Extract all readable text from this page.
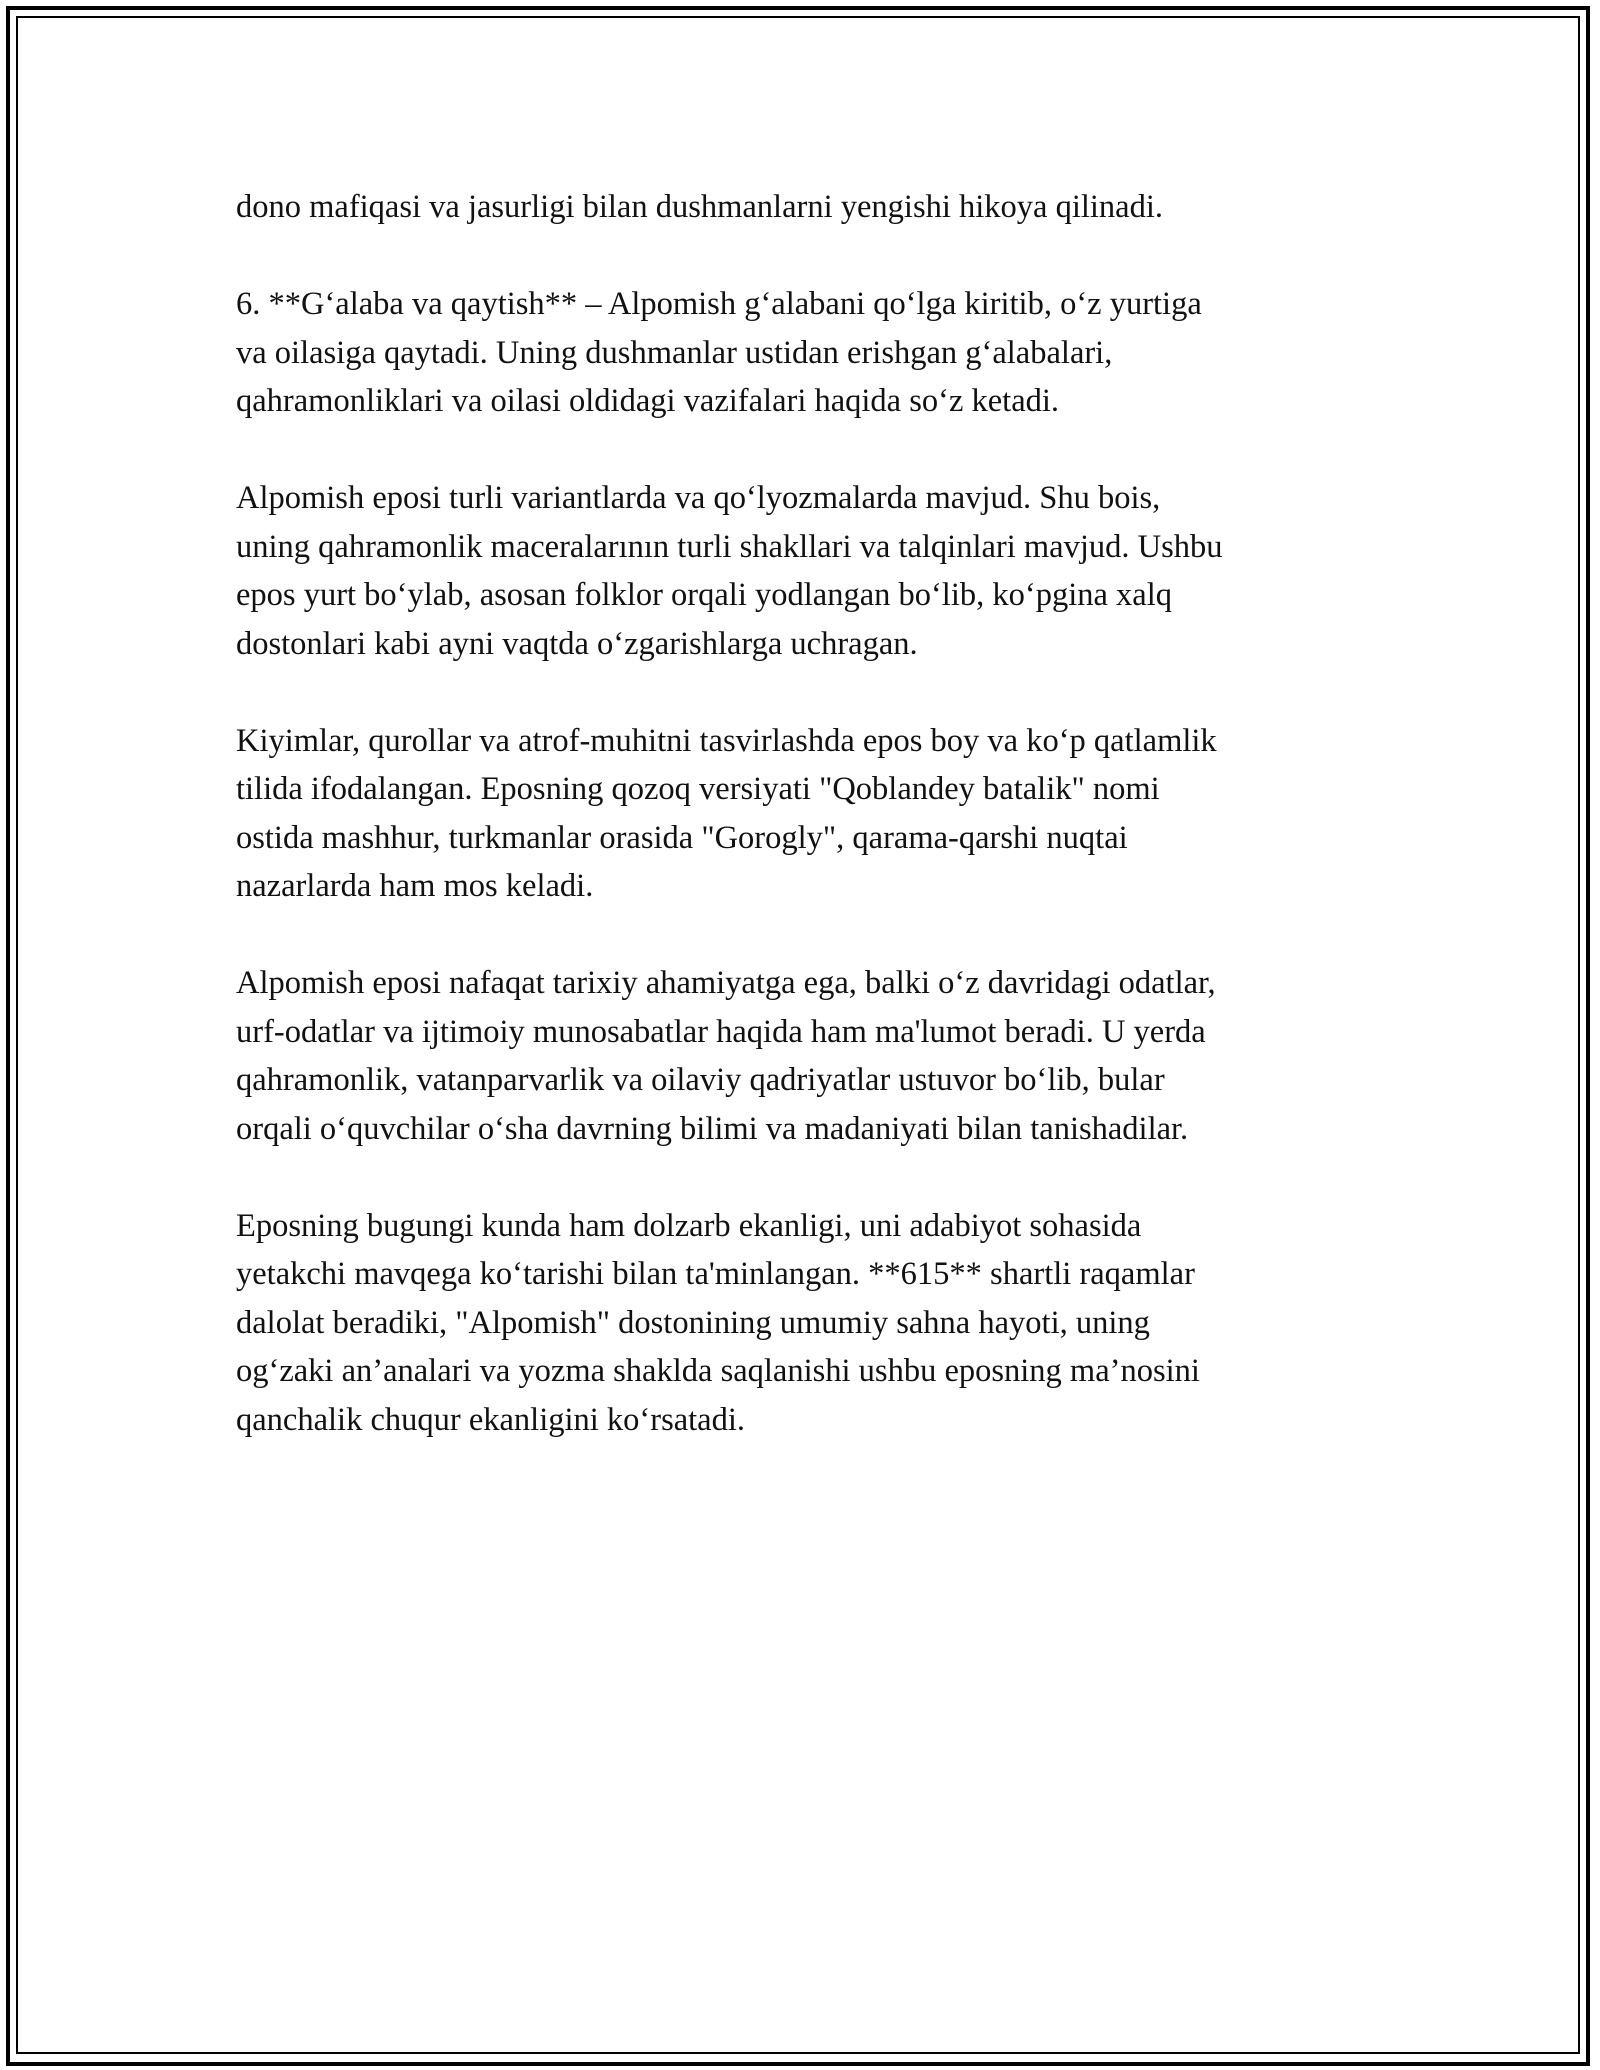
dono mafiqasi va jasurligi bilan dushmanlarni yengishi hikoya qilinadi.

6. **G‘alaba va qaytish** – Alpomish g‘alabani qo‘lga kiritib, o‘z yurtiga
va oilasiga qaytadi. Uning dushmanlar ustidan erishgan g‘alabalari,
qahramonliklari va oilasi oldidagi vazifalari haqida so‘z ketadi.

Alpomish eposi turli variantlarda va qo‘lyozmalarda mavjud. Shu bois,
uning qahramonlik maceralarının turli shakllari va talqinlari mavjud. Ushbu
epos yurt bo‘ylab, asosan folklor orqali yodlangan bo‘lib, ko‘pgina xalq
dostonlari kabi ayni vaqtda o‘zgarishlarga uchragan.

Kiyimlar, qurollar va atrof-muhitni tasvirlashda epos boy va ko‘p qatlamlik
tilida ifodalangan. Eposning qozoq versiyati "Qoblandey batalik" nomi
ostida mashhur, turkmanlar orasida "Gorogly", qarama-qarshi nuqtai
nazarlarda ham mos keladi.

Alpomish eposi nafaqat tarixiy ahamiyatga ega, balki o‘z davridagi odatlar,
urf-odatlar va ijtimoiy munosabatlar haqida ham ma'lumot beradi. U yerda
qahramonlik, vatanparvarlik va oilaviy qadriyatlar ustuvor bo‘lib, bular
orqali o‘quvchilar o‘sha davrning bilimi va madaniyati bilan tanishadilar.

Eposning bugungi kunda ham dolzarb ekanligi, uni adabiyot sohasida
yetakchi mavqega ko‘tarishi bilan ta'minlangan. **615** shartli raqamlar
dalolat beradiki, "Alpomish" dostonining umumiy sahna hayoti, uning
og‘zaki an’analari va yozma shaklda saqlanishi ushbu eposning ma’nosini
qanchalik chuqur ekanligini ko‘rsatadi.
